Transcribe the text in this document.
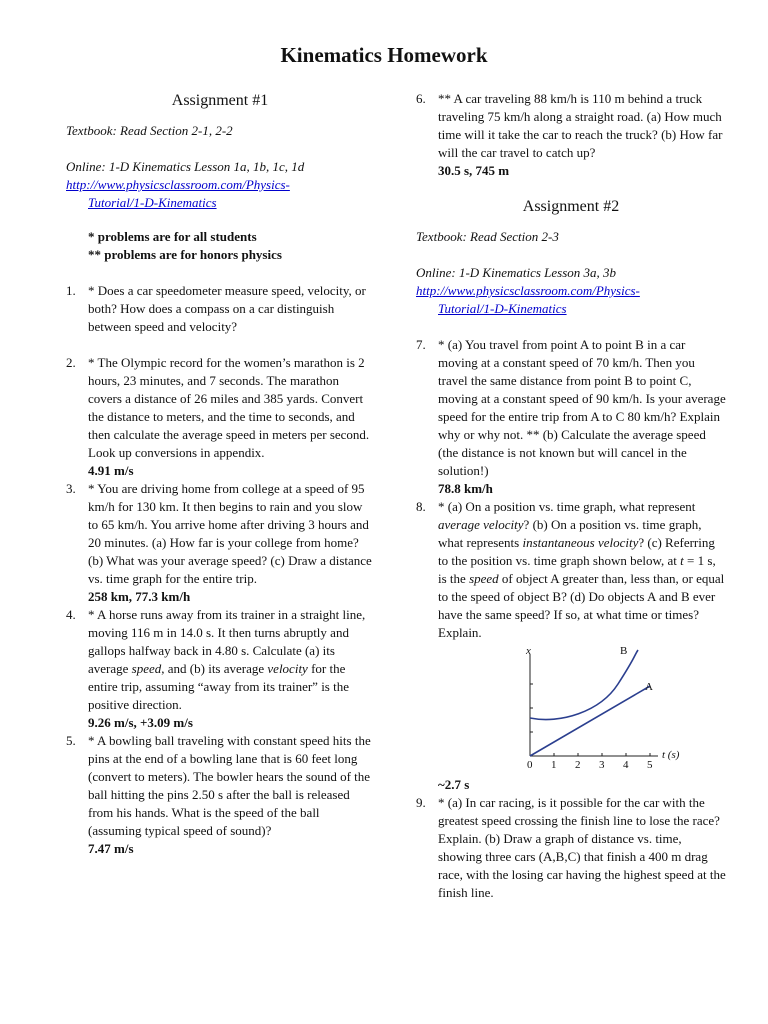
Kinematics Homework

Assignment #1

Textbook: Read Section 2-1, 2-2

Online: 1-D Kinematics Lesson 1a, 1b, 1c, 1d

http://www.physicsclassroom.com/Physics-
Tutorial/1-D-Kinematics

* problems are for all students

** problems are for honors physics

1. * Does a car speedometer measure speed, velocity, or both? How does a compass on a car distinguish between speed and velocity?
2. * The Olympic record for the women’s marathon is 2 hours, 23 minutes, and 7 seconds. The marathon covers a distance of 26 miles and 385 yards. Convert the distance to meters, and the time to seconds, and then calculate the average speed in meters per second. Look up conversions in appendix.
4.91 m/s
3. * You are driving home from college at a speed of 95 km/h for 130 km. It then begins to rain and you slow to 65 km/h. You arrive home after driving 3 hours and 20 minutes. (a) How far is your college from home? (b) What was your average speed? (c) Draw a distance vs. time graph for the entire trip.
258 km, 77.3 km/h
4. * A horse runs away from its trainer in a straight line, moving 116 m in 14.0 s. It then turns abruptly and gallops halfway back in 4.80 s. Calculate (a) its average speed, and (b) its average velocity for the entire trip, assuming “away from its trainer” is the positive direction.
9.26 m/s, +3.09 m/s
5. * A bowling ball traveling with constant speed hits the pins at the end of a bowling lane that is 60 feet long (convert to meters). The bowler hears the sound of the ball hitting the pins 2.50 s after the ball is released from his hands. What is the speed of the ball (assuming typical speed of sound)?
7.47 m/s
6. ** A car traveling 88 km/h is 110 m behind a truck traveling 75 km/h along a straight road. (a) How much time will it take the car to reach the truck? (b) How far will the car travel to catch up?
30.5 s, 745 m

Assignment #2

Textbook: Read Section 2-3

Online: 1-D Kinematics Lesson 3a, 3b

http://www.physicsclassroom.com/Physics-
Tutorial/1-D-Kinematics
7. * (a) You travel from point A to point B in a car moving at a constant speed of 70 km/h. Then you travel the same distance from point B to point C, moving at a constant speed of 90 km/h. Is your average speed for the entire trip from A to C 80 km/h? Explain why or why not. ** (b) Calculate the average speed (the distance is not known but will cancel in the solution!)
78.8 km/h
8. * (a) On a position vs. time graph, what represent average velocity? (b) On a position vs. time graph, what represents instantaneous velocity? (c) Referring to the position vs. time graph shown below, at t = 1 s, is the speed of object A greater than, less than, or equal to the speed of object B? (d) Do objects A and B ever have the same speed? If so, at what time or times? Explain.
x
t (s)
0 1 2 3 4 5
B
A
~2.7 s
9. * (a) In car racing, is it possible for the car with the greatest speed crossing the finish line to lose the race? Explain. (b) Draw a graph of distance vs. time, showing three cars (A,B,C) that finish a 400 m drag race, with the losing car having the highest speed at the finish line.
